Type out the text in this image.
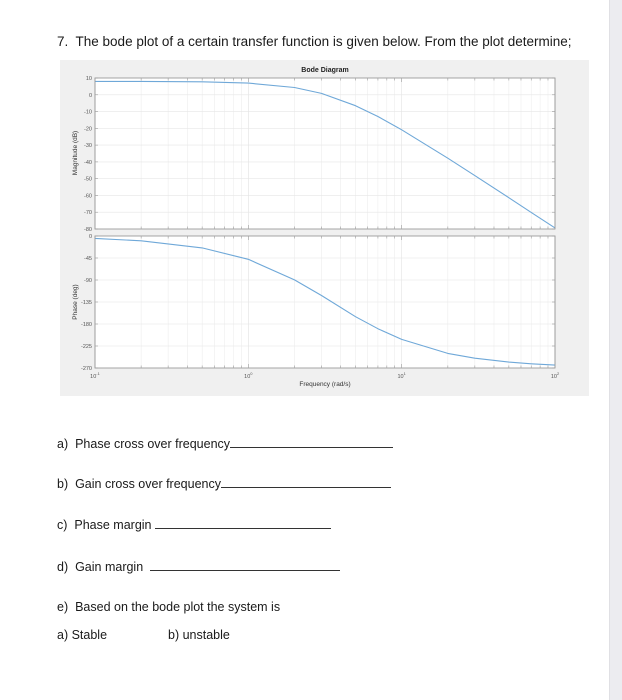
7. The bode plot of a certain transfer function is given below. From the plot determine;
Bode Diagram
10
0
-10
-20
-30
-40
-50
-60
-70
-80
0
-45
-90
-135
-180
-225
-270
Magnitude (dB)
Phase (deg)
Frequency (rad/s)
$10^{-1}$
$10^0$
$10^1$
$10^2$
a) Phase cross over frequency
b) Gain cross over frequency
c) Phase margin
d) Gain margin
e) Based on the bode plot the system is
a) Stable	b) unstable
